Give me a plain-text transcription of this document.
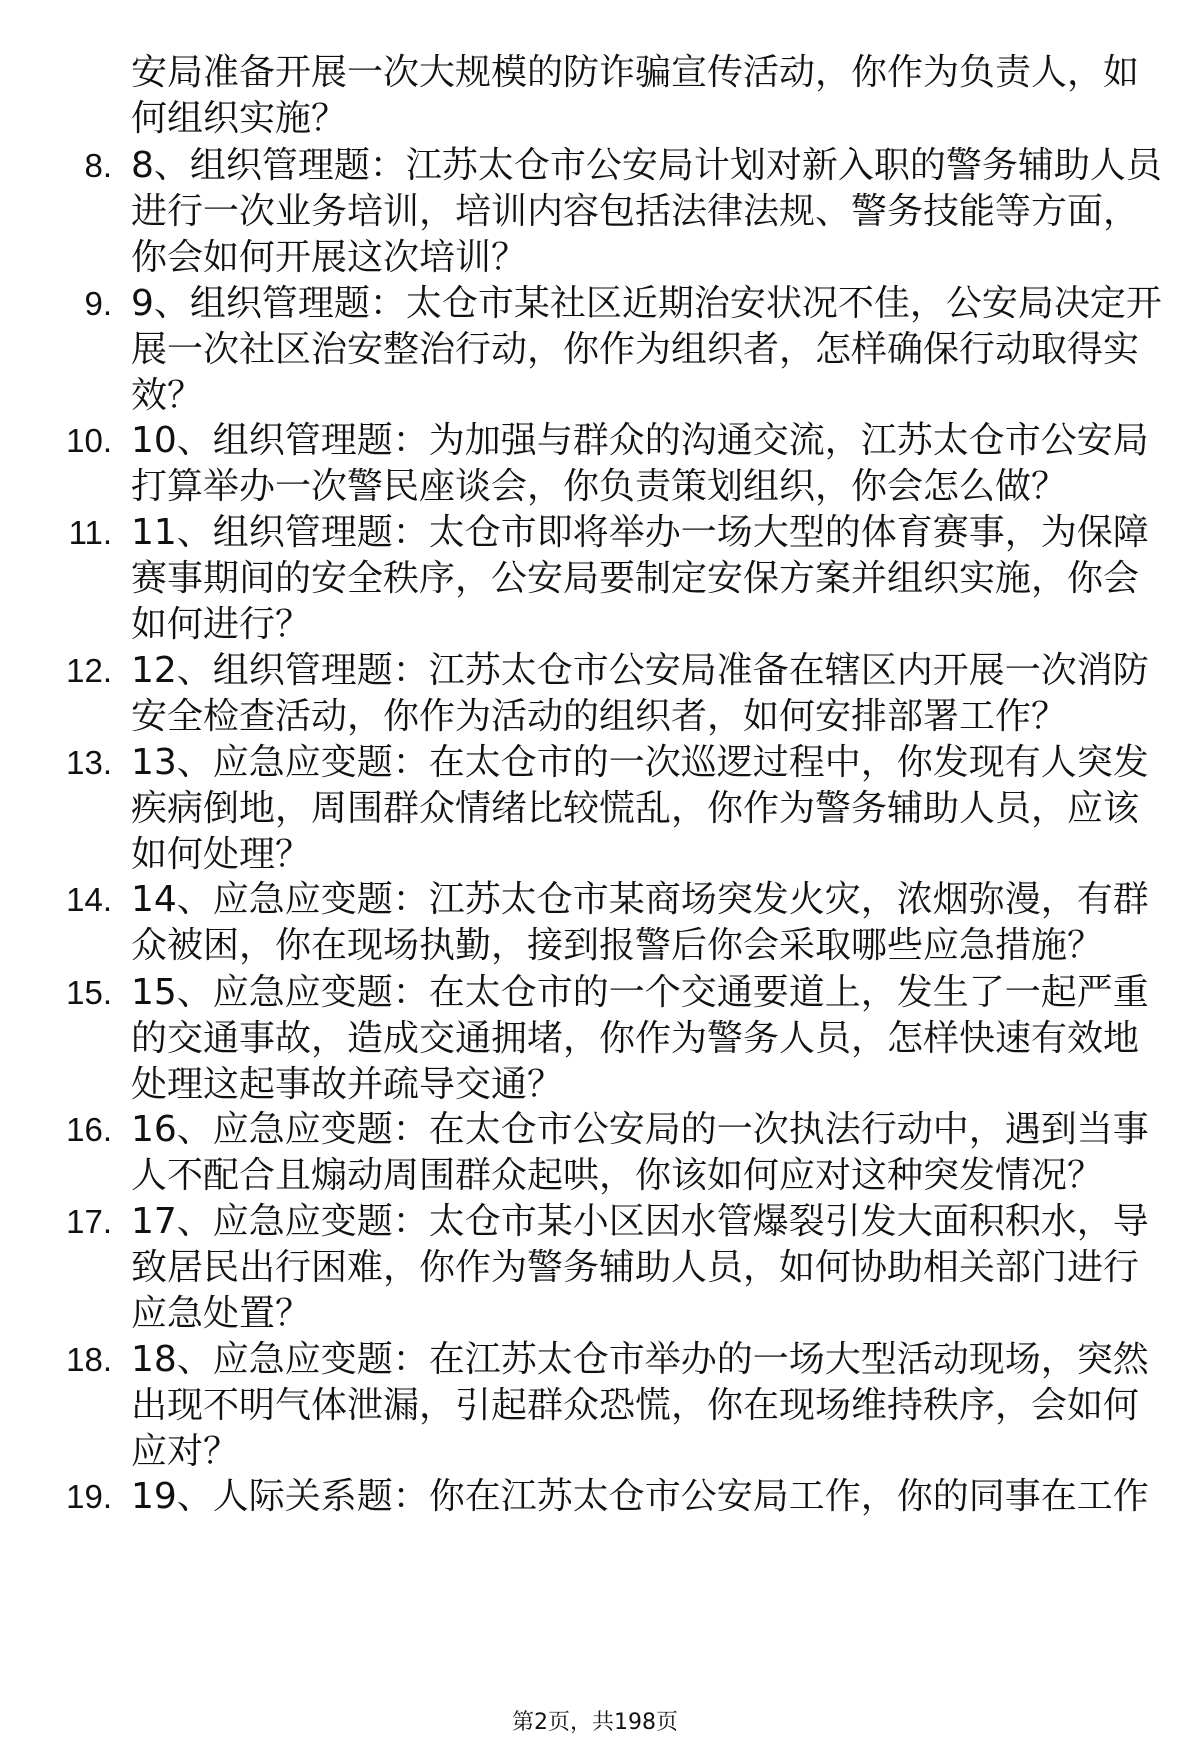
安局准备开展一次大规模的防诈骗宣传活动，你作为负责人，如何组织实施？

8. 8、组织管理题：江苏太仓市公安局计划对新入职的警务辅助人员进行一次业务培训，培训内容包括法律法规、警务技能等方面，你会如何开展这次培训？

9. 9、组织管理题：太仓市某社区近期治安状况不佳，公安局决定开展一次社区治安整治行动，你作为组织者，怎样确保行动取得实效？

10. 10、组织管理题：为加强与群众的沟通交流，江苏太仓市公安局打算举办一次警民座谈会，你负责策划组织，你会怎么做？

11. 11、组织管理题：太仓市即将举办一场大型的体育赛事，为保障赛事期间的安全秩序，公安局要制定安保方案并组织实施，你会如何进行？

12. 12、组织管理题：江苏太仓市公安局准备在辖区内开展一次消防安全检查活动，你作为活动的组织者，如何安排部署工作？

13. 13、应急应变题：在太仓市的一次巡逻过程中，你发现有人突发疾病倒地，周围群众情绪比较慌乱，你作为警务辅助人员，应该如何处理？

14. 14、应急应变题：江苏太仓市某商场突发火灾，浓烟弥漫，有群众被困，你在现场执勤，接到报警后你会采取哪些应急措施？

15. 15、应急应变题：在太仓市的一个交通要道上，发生了一起严重的交通事故，造成交通拥堵，你作为警务人员，怎样快速有效地处理这起事故并疏导交通？

16. 16、应急应变题：在太仓市公安局的一次执法行动中，遇到当事人不配合且煽动周围群众起哄，你该如何应对这种突发情况？

17. 17、应急应变题：太仓市某小区因水管爆裂引发大面积积水，导致居民出行困难，你作为警务辅助人员，如何协助相关部门进行应急处置？

18. 18、应急应变题：在江苏太仓市举办的一场大型活动现场，突然出现不明气体泄漏，引起群众恐慌，你在现场维持秩序，会如何应对？

19. 19、人际关系题：你在江苏太仓市公安局工作，你的同事在工作

第2页，共198页
